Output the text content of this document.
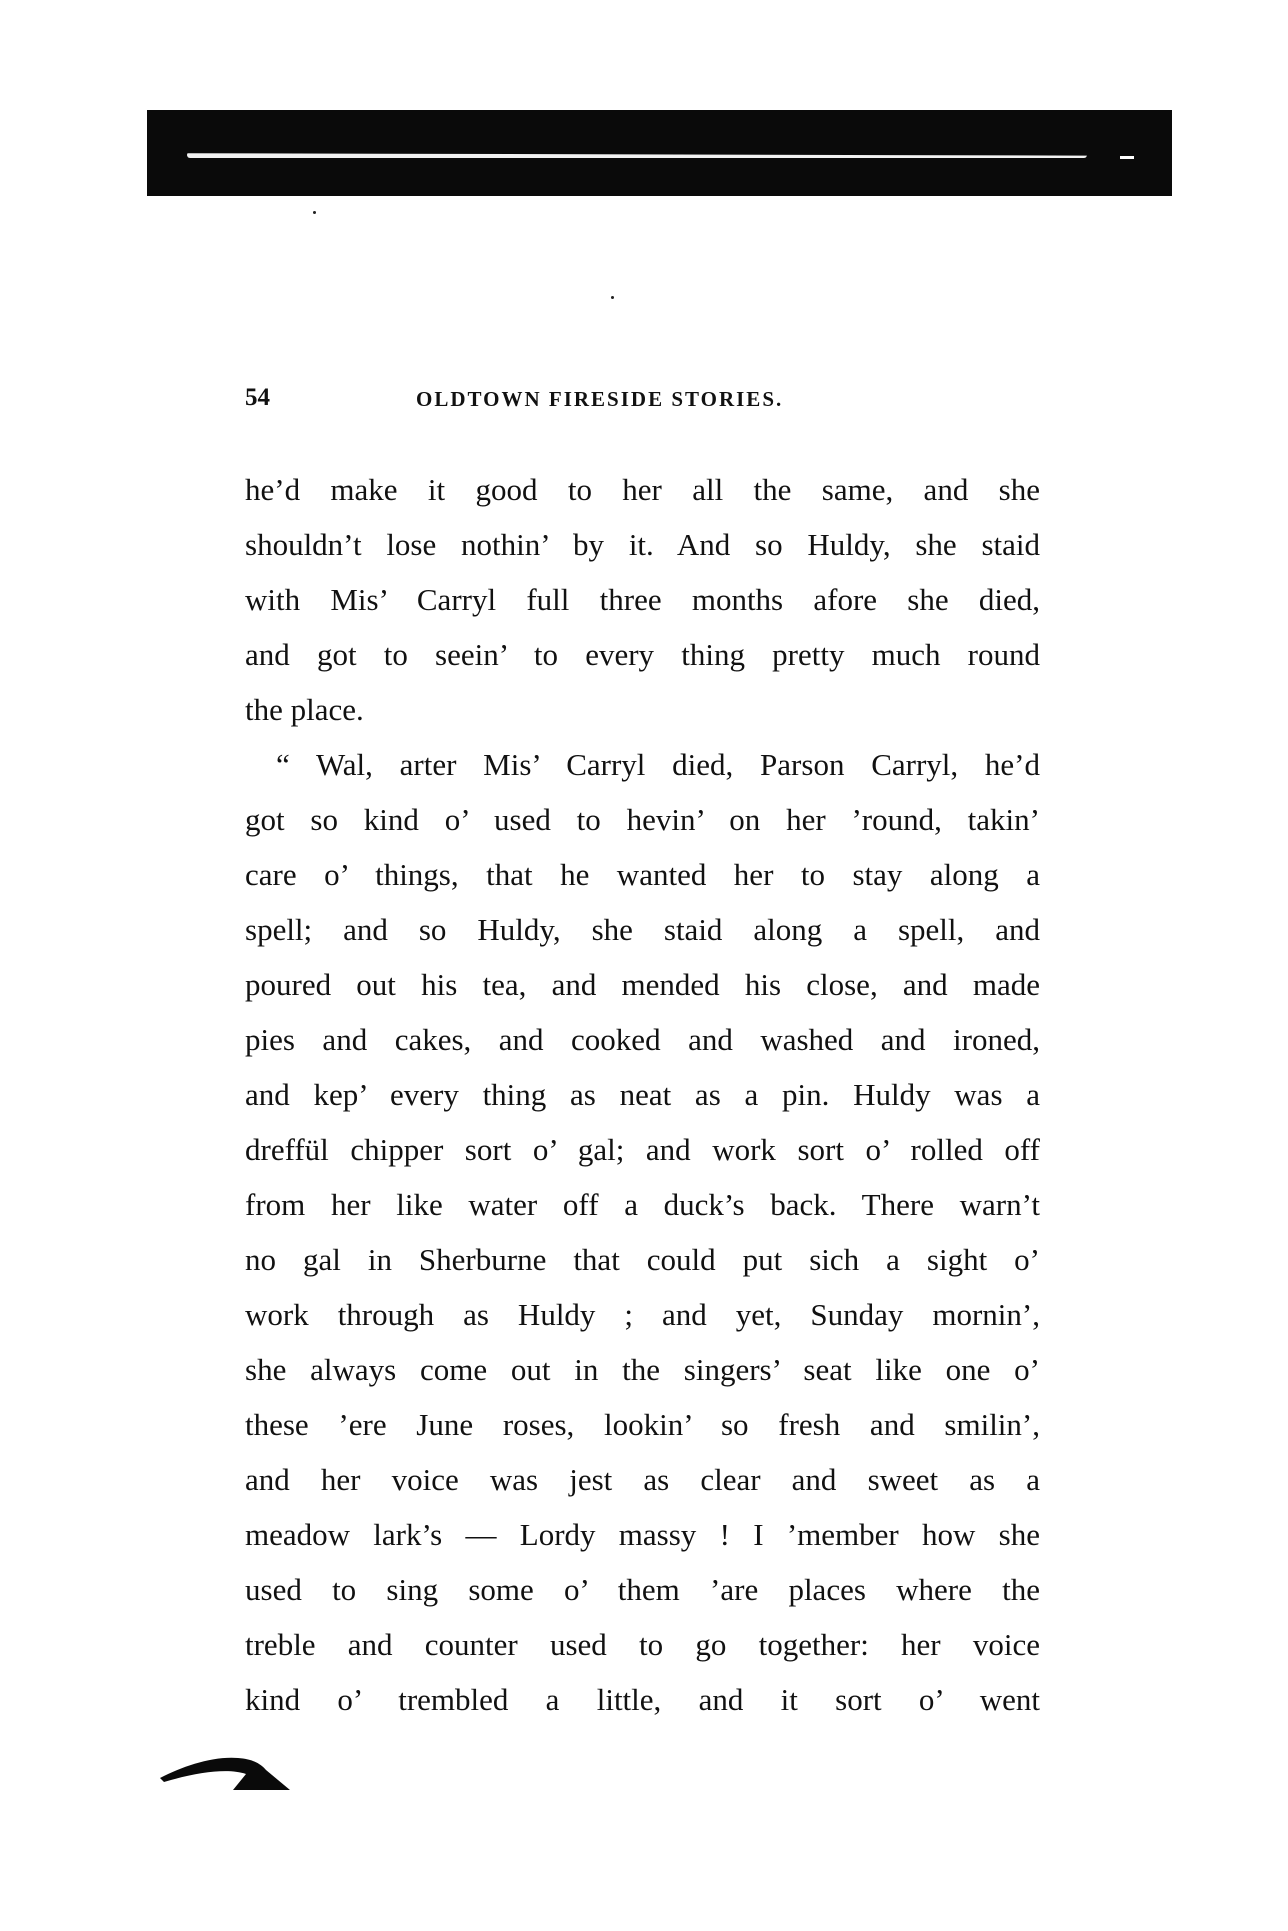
54	OLDTOWN FIRESIDE STORIES.
he’d make it good to her all the same, and she
shouldn’t lose nothin’ by it. And so Huldy, she staid
with Mis’ Carryl full three months afore she died,
and got to seein’ to every thing pretty much round
the place.
“ Wal, arter Mis’ Carryl died, Parson Carryl, he’d
got so kind o’ used to hevin’ on her ’round, takin’
care o’ things, that he wanted her to stay along a
spell; and so Huldy, she staid along a spell, and
poured out his tea, and mended his close, and made
pies and cakes, and cooked and washed and ironed,
and kep’ every thing as neat as a pin. Huldy was a
dreffül chipper sort o’ gal; and work sort o’ rolled off
from her like water off a duck’s back. There warn’t
no gal in Sherburne that could put sich a sight o’
work through as Huldy ; and yet, Sunday mornin’,
she always come out in the singers’ seat like one o’
these ’ere June roses, lookin’ so fresh and smilin’,
and her voice was jest as clear and sweet as a
meadow lark’s — Lordy massy ! I ’member how she
used to sing some o’ them ’are places where the
treble and counter used to go together: her voice
kind o’ trembled a little, and it sort o’ went
